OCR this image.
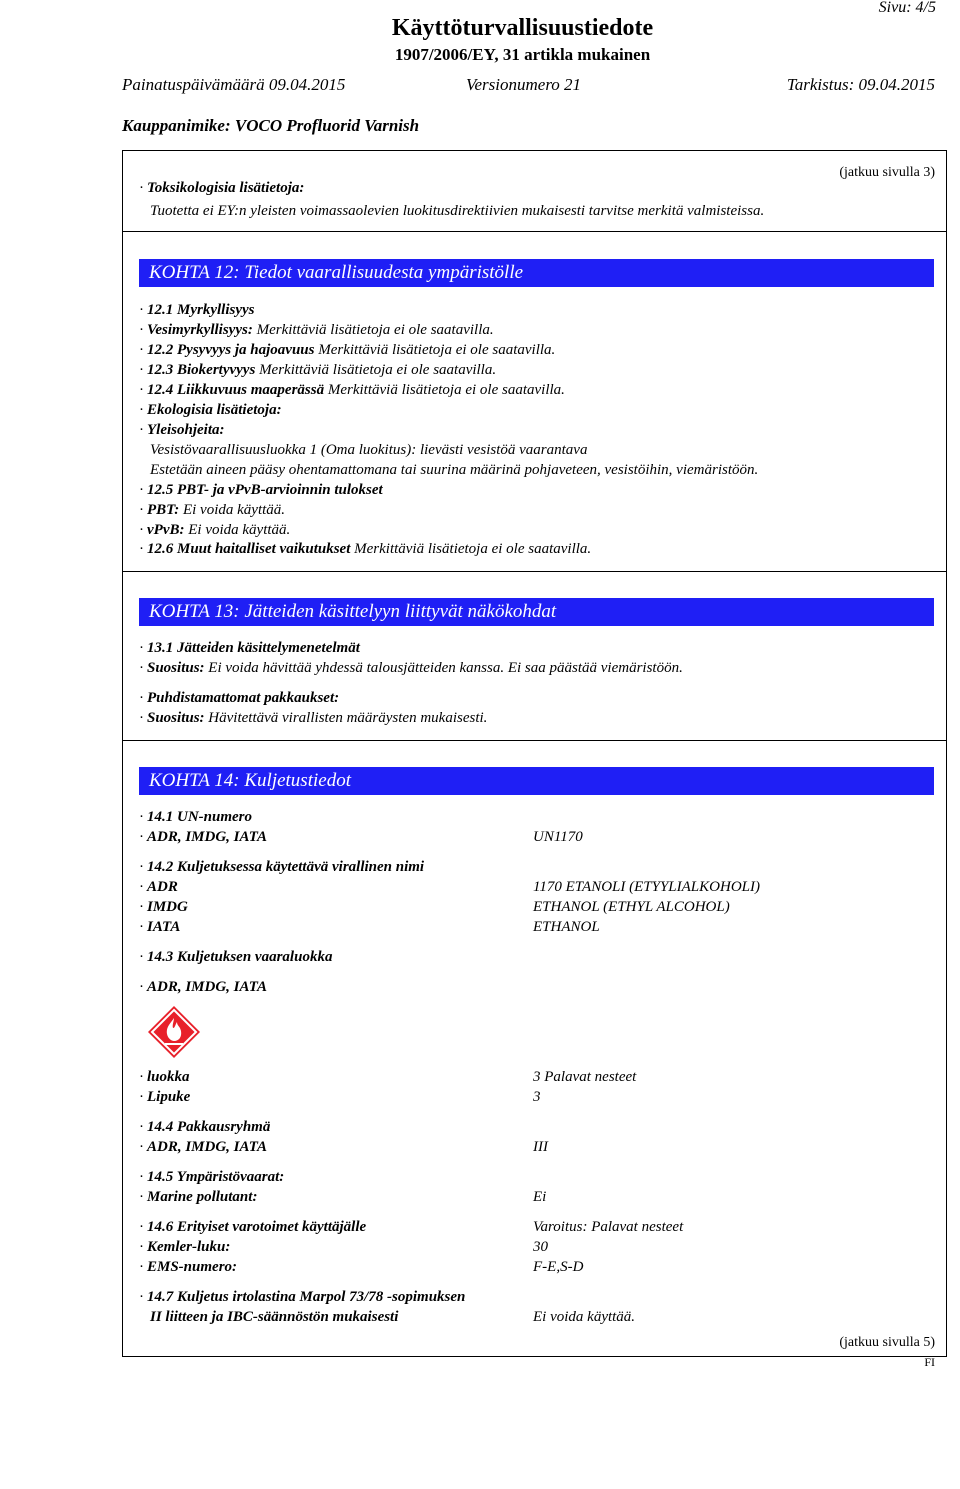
Sivu: 4/5
Käyttöturvallisuustiedote
1907/2006/EY, 31 artikla mukainen
Painatuspäivämäärä 09.04.2015	Versionumero 21	Tarkistus: 09.04.2015
Kauppanimike: VOCO Profluorid Varnish
(jatkuu sivulla 3)
· Toksikologisia lisätietoja:
Tuotetta ei EY:n yleisten voimassaolevien luokitusdirektiivien mukaisesti tarvitse merkitä valmisteissa.
KOHTA 12: Tiedot vaarallisuudesta ympäristölle
· 12.1 Myrkyllisyys
· Vesimyrkyllisyys: Merkittäviä lisätietoja ei ole saatavilla.
· 12.2 Pysyvyys ja hajoavuus Merkittäviä lisätietoja ei ole saatavilla.
· 12.3 Biokertyvyys Merkittäviä lisätietoja ei ole saatavilla.
· 12.4 Liikkuvuus maaperässä Merkittäviä lisätietoja ei ole saatavilla.
· Ekologisia lisätietoja:
· Yleisohjeita:
Vesistövaarallisuusluokka 1 (Oma luokitus): lievästi vesistöä vaarantava
Estetään aineen pääsy ohentamattomana tai suurina määrinä pohjaveteen, vesistöihin, viemäristöön.
· 12.5 PBT- ja vPvB-arvioinnin tulokset
· PBT: Ei voida käyttää.
· vPvB: Ei voida käyttää.
· 12.6 Muut haitalliset vaikutukset Merkittäviä lisätietoja ei ole saatavilla.
KOHTA 13: Jätteiden käsittelyyn liittyvät näkökohdat
· 13.1 Jätteiden käsittelymenetelmät
· Suositus: Ei voida hävittää yhdessä talousjätteiden kanssa. Ei saa päästää viemäristöön.
· Puhdistamattomat pakkaukset:
· Suositus: Hävitettävä virallisten määräysten mukaisesti.
KOHTA 14: Kuljetustiedot
· 14.1 UN-numero
· ADR, IMDG, IATA	UN1170
· 14.2 Kuljetuksessa käytettävä virallinen nimi
· ADR	1170 ETANOLI (ETYYLIALKOHOLI)
· IMDG	ETHANOL (ETHYL ALCOHOL)
· IATA	ETHANOL
· 14.3 Kuljetuksen vaaraluokka
· ADR, IMDG, IATA
· luokka	3 Palavat nesteet
· Lipuke	3
· 14.4 Pakkausryhmä
· ADR, IMDG, IATA	III
· 14.5 Ympäristövaarat:
· Marine pollutant:	Ei
· 14.6 Erityiset varotoimet käyttäjälle	Varoitus: Palavat nesteet
· Kemler-luku:	30
· EMS-numero:	F-E,S-D
· 14.7 Kuljetus irtolastina Marpol 73/78 -sopimuksen
II liitteen ja IBC-säännöstön mukaisesti	Ei voida käyttää.
(jatkuu sivulla 5)
FI
